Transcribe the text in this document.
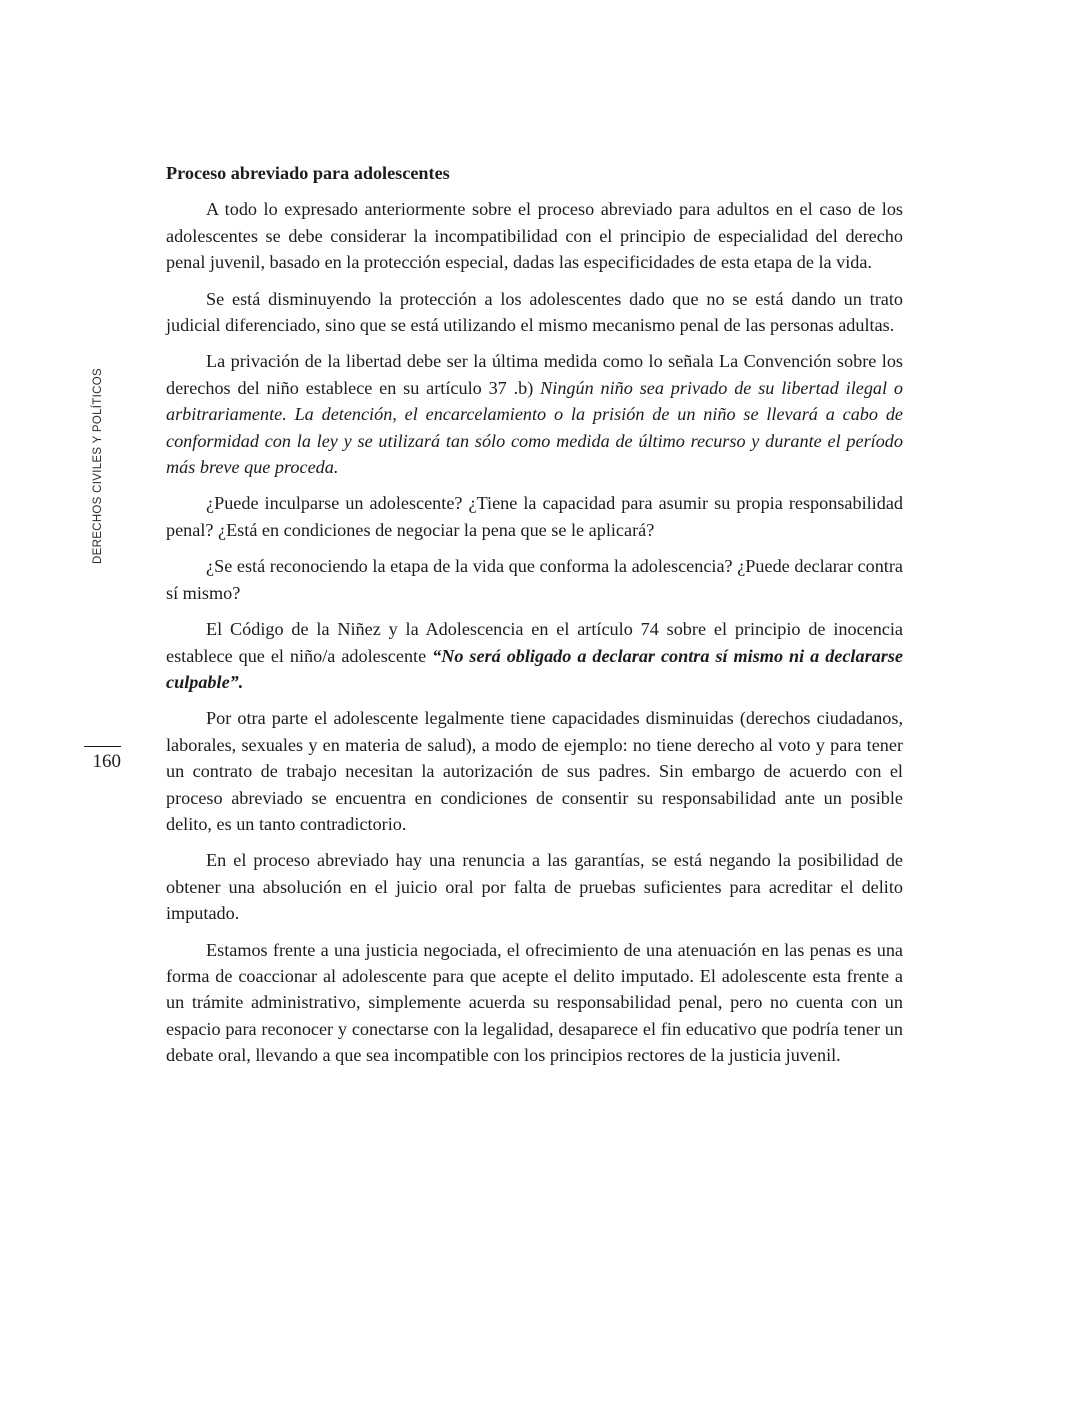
DERECHOS CIVILES Y POLÍTICOS
160
Proceso abreviado para adolescentes

A todo lo expresado anteriormente sobre el proceso abreviado para adultos en el caso de los adolescentes se debe considerar la incompatibilidad con el principio de especialidad del derecho penal juvenil, basado en la protección especial, dadas las especificidades de esta etapa de la vida.

Se está disminuyendo la protección a los adolescentes dado que no se está dando un trato judicial diferenciado, sino que se está utilizando el mismo mecanismo penal de las personas adultas.

La privación de la libertad debe ser la última medida como lo señala La Convención sobre los derechos del niño establece en su artículo 37 .b) Ningún niño sea privado de su libertad ilegal o arbitrariamente. La detención, el encarcelamiento o la prisión de un niño se llevará a cabo de conformidad con la ley y se utilizará tan sólo como medida de último recurso y durante el período más breve que proceda.

¿Puede inculparse un adolescente? ¿Tiene la capacidad para asumir su propia responsabilidad penal? ¿Está en condiciones de negociar la pena que se le aplicará?

¿Se está reconociendo la etapa de la vida que conforma la adolescencia? ¿Puede declarar contra sí mismo?

El Código de la Niñez y la Adolescencia en el artículo 74 sobre el principio de inocencia establece que el niño/a adolescente “No será obligado a declarar contra sí mismo ni a declararse culpable”.

Por otra parte el adolescente legalmente tiene capacidades disminuidas (derechos ciudadanos, laborales, sexuales y en materia de salud), a modo de ejemplo: no tiene derecho al voto y para tener un contrato de trabajo necesitan la autorización de sus padres. Sin embargo de acuerdo con el proceso abreviado se encuentra en condiciones de consentir su responsabilidad ante un posible delito, es un tanto contradictorio.

En el proceso abreviado hay una renuncia a las garantías, se está negando la posibilidad de obtener una absolución en el juicio oral por falta de pruebas suficientes para acreditar el delito imputado.

Estamos frente a una justicia negociada, el ofrecimiento de una atenuación en las penas es una forma de coaccionar al adolescente para que acepte el delito imputado. El adolescente esta frente a un trámite administrativo, simplemente acuerda su responsabilidad penal, pero no cuenta con un espacio para reconocer y conectarse con la legalidad, desaparece el fin educativo que podría tener un debate oral, llevando a que sea incompatible con los principios rectores de la justicia juvenil.
